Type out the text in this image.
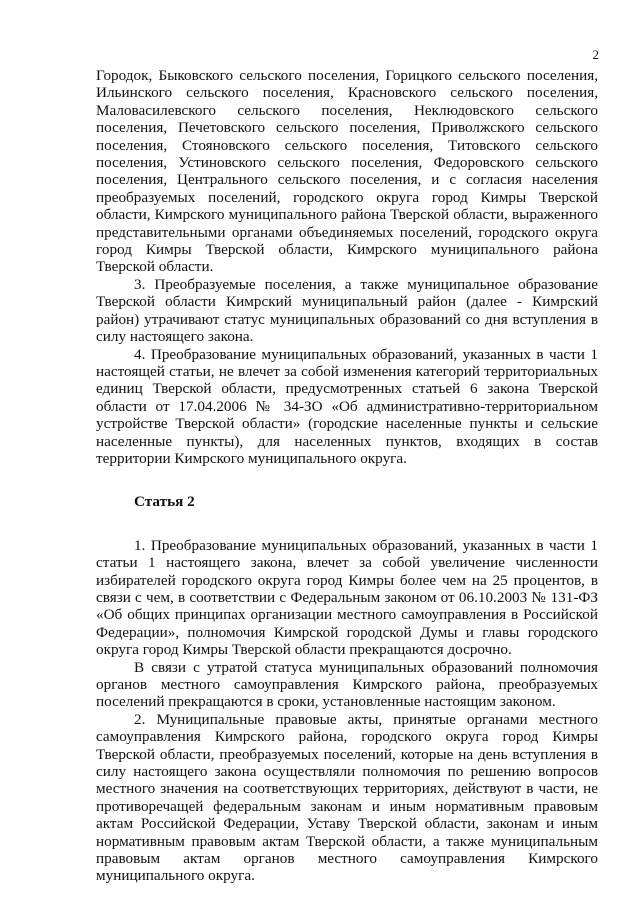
2

Городок, Быковского сельского поселения, Горицкого сельского поселения, Ильинского сельского поселения, Красновского сельского поселения, Маловасилевского сельского поселения, Неклюдовского сельского поселения, Печетовского сельского поселения, Приволжского сельского поселения, Стояновского сельского поселения, Титовского сельского поселения, Устиновского сельского поселения, Федоровского сельского поселения, Центрального сельского поселения, и с согласия населения преобразуемых поселений, городского округа город Кимры Тверской области, Кимрского муниципального района Тверской области, выраженного представительными органами объединяемых поселений, городского округа город Кимры Тверской области, Кимрского муниципального района Тверской области.

3. Преобразуемые поселения, а также муниципальное образование Тверской области Кимрский муниципальный район (далее - Кимрский район) утрачивают статус муниципальных образований со дня вступления в силу настоящего закона.

4. Преобразование муниципальных образований, указанных в части 1 настоящей статьи, не влечет за собой изменения категорий территориальных единиц Тверской области, предусмотренных статьей 6 закона Тверской области от 17.04.2006 № 34-ЗО «Об административно-территориальном устройстве Тверской области» (городские населенные пункты и сельские населенные пункты), для населенных пунктов, входящих в состав территории Кимрского муниципального округа.

Статья 2

1. Преобразование муниципальных образований, указанных в части 1 статьи 1 настоящего закона, влечет за собой увеличение численности избирателей городского округа город Кимры более чем на 25 процентов, в связи с чем, в соответствии с Федеральным законом от 06.10.2003 № 131-ФЗ «Об общих принципах организации местного самоуправления в Российской Федерации», полномочия Кимрской городской Думы и главы городского округа город Кимры Тверской области прекращаются досрочно.

В связи с утратой статуса муниципальных образований полномочия органов местного самоуправления Кимрского района, преобразуемых поселений прекращаются в сроки, установленные настоящим законом.

2. Муниципальные правовые акты, принятые органами местного самоуправления Кимрского района, городского округа город Кимры Тверской области, преобразуемых поселений, которые на день вступления в силу настоящего закона осуществляли полномочия по решению вопросов местного значения на соответствующих территориях, действуют в части, не противоречащей федеральным законам и иным нормативным правовым актам Российской Федерации, Уставу Тверской области, законам и иным нормативным правовым актам Тверской области, а также муниципальным правовым актам органов местного самоуправления Кимрского муниципального округа.
